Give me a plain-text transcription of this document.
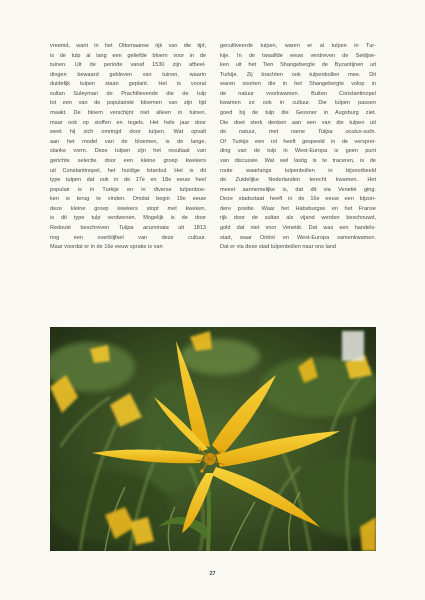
vreemd, want in het Ottomaanse rijk van die tijd,
is de tulp al lang een geliefde bloem voor in de
tuinen. Uit de periode vanaf 1530 zijn afbeel-
dingen bewaard gebleven van tuinen, waarin
duidelijk tulpen staan geplant. Het is vooral
sultan Suleyman de Prachtlievende die de tulp
tot een van de populairste bloemen van zijn tijd
maakt. De bloem verschijnt niet alleen in tuinen,
maar ook op stoffen en tegels. Het hele jaar door
weet hij zich omringd door tulpen. Wat opvalt
aan het model van de bloemen, is de lange,
slanke vorm. Deze tulpen zijn het resultaat van
gerichte selectie door een kleine groep kwekers
uit Constantinopel, het huidige Istanbul. Het is dit
type tulpen dat ook in de 17e en 18e eeuw heel
populair is in Turkije en in diverse tulpenboe-
ken is terug te vinden. Omdat begin 19e eeuw
deze kleine groep kwekers stopt met kweken,
is dit type tulp verdwenen. Mogelijk is de door
Redouté beschreven Tulipa acuminata uit 1813
nog een overblijfsel van deze cultuur.
Maar voordat er in de 16e eeuw sprake is van
gecultiveerde tulpen, waren er al tulpen in Tur-
kije. In de twaalfde eeuw verdreven de Seldjoe-
ken uit het Tien Shangebergte de Byzantijnen uit
Turkije. Zij brachten ook tulpenbollen mee. Dit
waren soorten die in het Shangebergte volop in
de natuur voorkwamen. Buiten Constantinopel
kwamen ze ook in cultuur. Die tulpen passen
goed bij de tulp die Gessner in Augsburg ziet.
Die doet sterk denken aan een van die tulpen uit
de natuur, met name Tulipa oculus-solis.
Of Turkije een rol heeft gespeeld in de versprei-
ding van de tulp in West-Europa is geen punt
van discussie. Wat wel lastig is te traceren, is de
route waarlangs tulpenbollen in bijvoorbeeld
de Zuidelijke Nederlanden terecht kwamen. Het
meest aannemelijke is, dat dit via Venetië ging.
Deze stadsstaat heeft in de 16e eeuw een bijzon-
dere positie. Waar het Habsburgse en het Franse
rijk door de sultan als vijand werden beschouwd,
gold dat niet voor Venetië. Dat was een handels-
stad, waar Oriënt en West-Europa samenkwamen.
Dat er via deze stad tulpenbollen naar ons land
27
